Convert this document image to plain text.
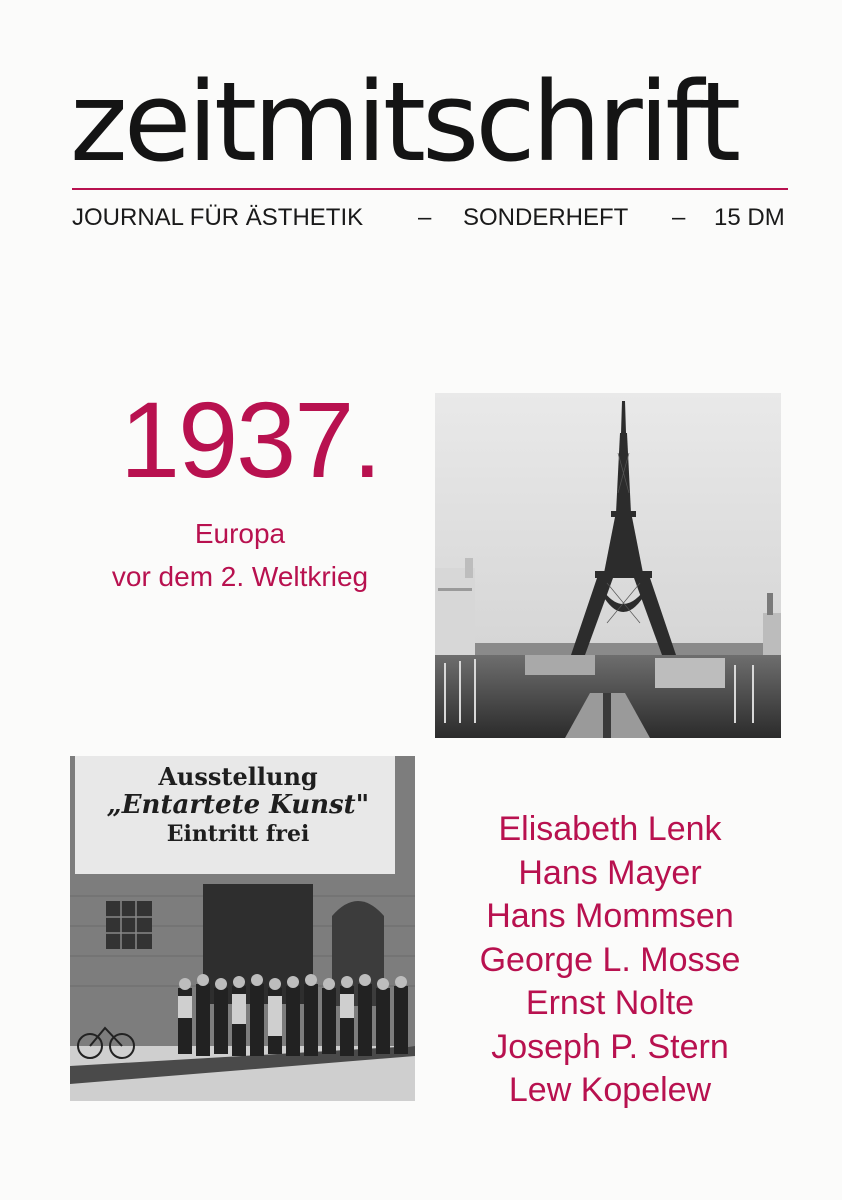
zeitmitschrift
JOURNAL FÜR ÄSTHETIK – SONDERHEFT – 15 DM
1937.
Europa
vor dem 2. Weltkrieg
Ausstellung
„Entartete Kunst"
Eintritt frei	Elisabeth Lenk
Hans Mayer
Hans Mommsen
George L. Mosse
Ernst Nolte
Joseph P. Stern
Lew Kopelew
